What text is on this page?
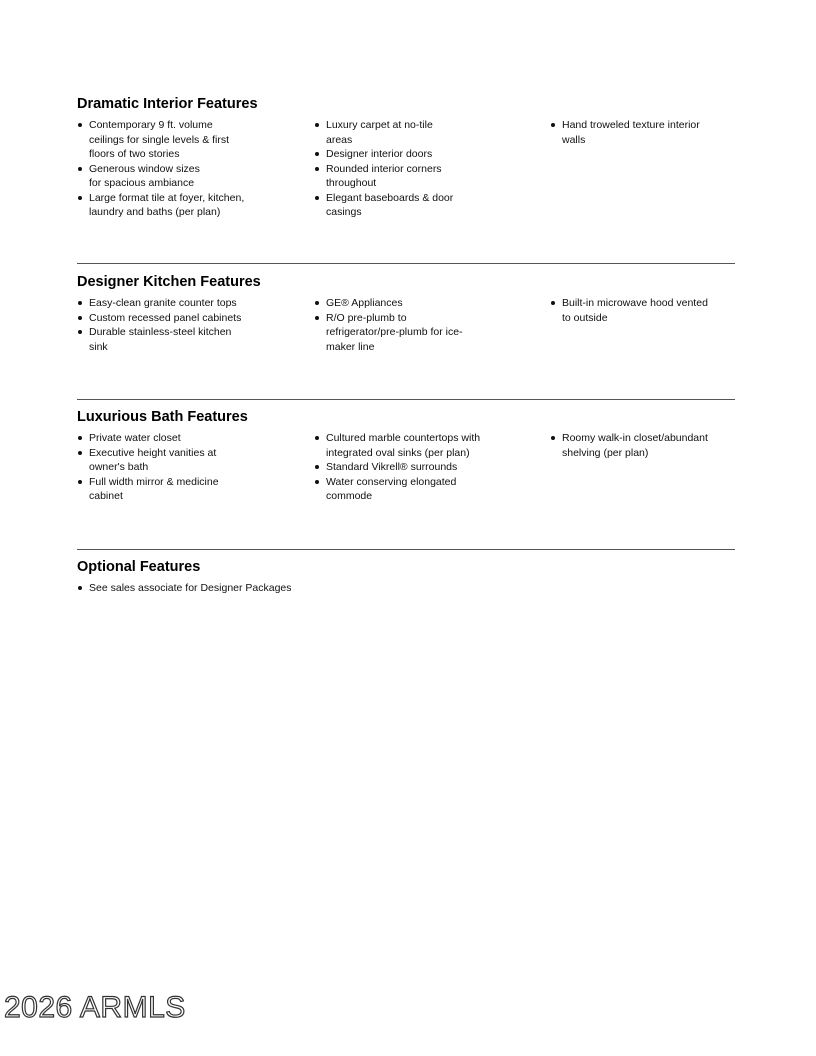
Dramatic Interior Features
Contemporary 9 ft. volume ceilings for single levels & first floors of two stories
Generous window sizes for spacious ambiance
Large format tile at foyer, kitchen, laundry and baths (per plan)
Luxury carpet at no-tile areas
Designer interior doors
Rounded interior corners throughout
Elegant baseboards & door casings
Hand troweled texture interior walls
Designer Kitchen Features
Easy-clean granite counter tops
Custom recessed panel cabinets
Durable stainless-steel kitchen sink
GE® Appliances
R/O pre-plumb to refrigerator/pre-plumb for ice-maker line
Built-in microwave hood vented to outside
Luxurious Bath Features
Private water closet
Executive height vanities at owner's bath
Full width mirror & medicine cabinet
Cultured marble countertops with integrated oval sinks (per plan)
Standard Vikrell® surrounds
Water conserving elongated commode
Roomy walk-in closet/abundant shelving (per plan)
Optional Features
See sales associate for Designer Packages
2026 ARMLS
